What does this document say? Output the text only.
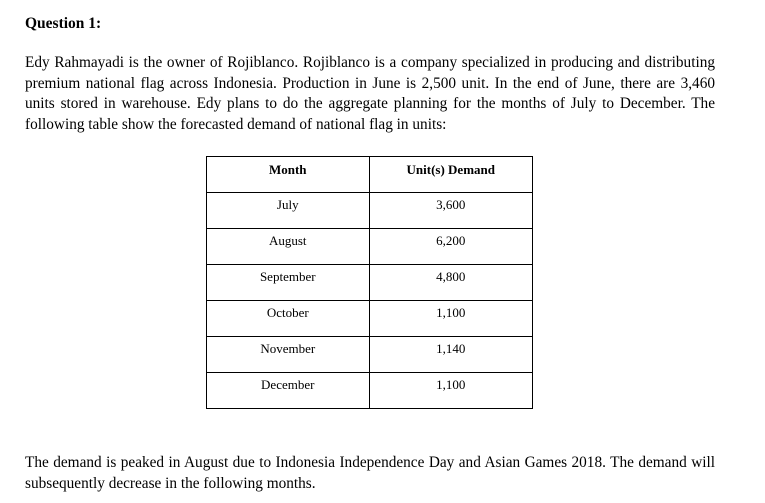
Question 1:

Edy Rahmayadi is the owner of Rojiblanco. Rojiblanco is a company specialized in producing and distributing premium national flag across Indonesia. Production in June is 2,500 unit. In the end of June, there are 3,460 units stored in warehouse. Edy plans to do the aggregate planning for the months of July to December. The following table show the forecasted demand of national flag in units:

Month	Unit(s) Demand
July	3,600
August	6,200
September	4,800
October	1,100
November	1,140
December	1,100

The demand is peaked in August due to Indonesia Independence Day and Asian Games 2018. The demand will subsequently decrease in the following months.
